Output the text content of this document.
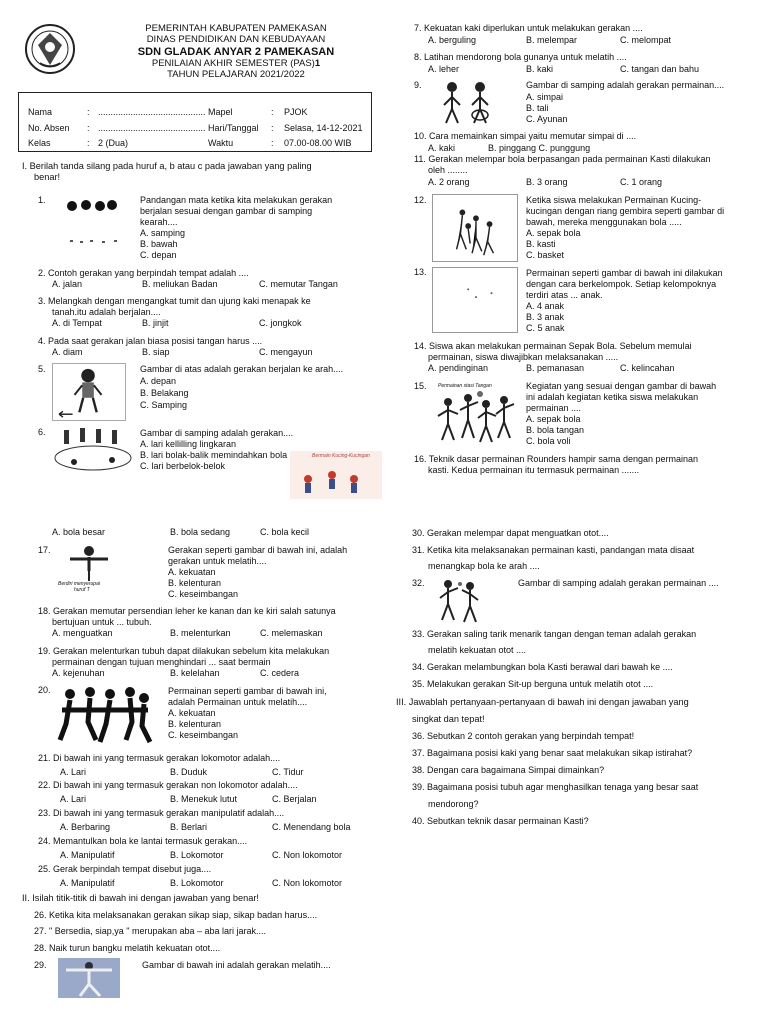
PEMERINTAH KABUPATEN PAMEKASAN
DINAS PENDIDIKAN DAN KEBUDAYAAN
SDN GLADAK ANYAR 2 PAMEKASAN
PENILAIAN AKHIR SEMESTER (PAS)1
TAHUN PELAJARAN 2021/2022
Nama	: ...........................................
No. Absen : ...........................................
Kelas	: 2 (Dua)
Mapel	: PJOK
Hari/Tanggal : Selasa, 14-12-2021
Waktu	: 07.00-08.00 WIB
I. Berilah tanda silang pada huruf a, b atau c pada jawaban yang paling
benar!
1.	Pandangan mata ketika kita melakukan gerakan
berjalan sesuai dengan gambar di samping
kearah....
A. samping
B. bawah
C. depan
2. Contoh gerakan yang berpindah tempat adalah ....
A. jalan	B. meliukan Badan	C. memutar Tangan
3. Melangkah dengan mengangkat tumit dan ujung kaki menapak ke
tanah.itu adalah berjalan....
A. di Tempat	B. jinjit	C. jongkok
4. Pada saat gerakan jalan biasa posisi tangan harus ....
A. diam	B. siap	C. mengayun
5.	Gambar di atas adalah gerakan berjalan ke arah....
A. depan
B. Belakang
C. Samping
6.	Gambar di samping adalah gerakan....
A. lari kellilling lingkaran
B. lari bolak-balik memindahkan bola
C. lari berbelok-belok
Bermain Kucing-Kucingan
A. bola besar	B. bola sedang	C. bola kecil
17.
Berdiri menyerupai
huruf T
Gerakan seperti gambar di bawah ini, adalah
gerakan untuk melatih....
A. kekuatan
B. kelenturan
C. keseimbangan
18. Gerakan memutar persendian leher ke kanan dan ke kiri salah satunya
bertujuan untuk ... tubuh.
A. menguatkan	B. melenturkan	C. melemaskan
19. Gerakan melenturkan tubuh dapat dilakukan sebelum kita melakukan
permainan dengan tujuan menghindari ... saat bermain
A. kejenuhan	B. kelelahan	C. cedera
20.	Permainan seperti gambar di bawah ini,
adalah Permainan untuk melatih....
A. kekuatan
B. kelenturan
C. keseimbangan
21. Di bawah ini yang termasuk gerakan lokomotor adalah....
A. Lari	B. Duduk	C. Tidur
22. Di bawah ini yang termasuk gerakan non lokomotor adalah....
A. Lari	B. Menekuk lutut	C. Berjalan
23. Di bawah ini yang termasuk gerakan manipulatif adalah....
A. Berbaring	B. Berlari	C. Menendang bola
24. Memantulkan bola ke lantai termasuk gerakan....
A. Manipulatif	B. Lokomotor	C. Non lokomotor
25. Gerak berpindah tempat disebut juga....
A. Manipulatif	B. Lokomotor	C. Non lokomotor
II. Isilah titik-titik di bawah ini dengan jawaban yang benar!
26. Ketika kita melaksanakan gerakan sikap siap, sikap badan harus....
27. " Bersedia, siap,ya " merupakan aba – aba lari jarak....
28. Naik turun bangku melatih kekuatan otot....
29.	Gambar di bawah ini adalah gerakan melatih....
7. Kekuatan kaki diperlukan untuk melakukan gerakan ....
A. berguling	B. melempar	C. melompat
8. Latihan mendorong bola gunanya untuk melatih ....
A. leher	B. kaki	C. tangan dan bahu
9.	Gambar di samping adalah gerakan permainan....
A. simpai
B. tali
C. Ayunan
10. Cara memainkan simpai yaitu memutar simpai di ....
A. kaki	B. pinggang C. punggung
11. Gerakan melempar bola berpasangan pada permainan Kasti dilakukan
oleh ........
A. 2 orang	B. 3 orang	C. 1 orang
12.	Ketika siswa melakukan Permainan Kucing-
kucingan dengan riang gembira seperti gambar di
bawah, mereka menggunakan bola .....
A. sepak bola
B. kasti
C. basket
13.	Permainan seperti gambar di bawah ini dilakukan
dengan cara berkelompok. Setiap kelompoknya
terdiri atas ... anak.
A. 4 anak
B. 3 anak
C. 5 anak
14. Siswa akan melakukan permainan Sepak Bola. Sebelum memulai
permainan, siswa diwajibkan melaksanakan .....
A. pendinginan	B. pemanasan	C. kelincahan
15. Permainan stasi Tangan	Kegiatan yang sesuai dengan gambar di bawah
ini adalah kegiatan ketika siswa melakukan
permainan ....
A. sepak bola
B. bola tangan
C. bola voli
16. Teknik dasar permainan Rounders hampir sama dengan permainan
kasti. Kedua permainan itu termasuk permainan .......
30. Gerakan melempar dapat menguatkan otot....
31. Ketika kita melaksanakan permainan kasti, pandangan mata disaat
menangkap bola ke arah ....
32.	Gambar di samping adalah gerakan permainan ....
33. Gerakan saling tarik menarik tangan dengan teman adalah gerakan
melatih kekuatan otot ....
34. Gerakan melambungkan bola Kasti berawal dari bawah ke ....
35. Melakukan gerakan Sit-up berguna untuk melatih otot ....
III. Jawablah pertanyaan-pertanyaan di bawah ini dengan jawaban yang
singkat dan tepat!
36. Sebutkan 2 contoh gerakan yang berpindah tempat!
37. Bagaimana posisi kaki yang benar saat melakukan sikap istirahat?
38. Dengan cara bagaimana Simpai dimainkan?
39. Bagaimana posisi tubuh agar menghasilkan tenaga yang besar saat
mendorong?
40. Sebutkan teknik dasar permainan Kasti?
